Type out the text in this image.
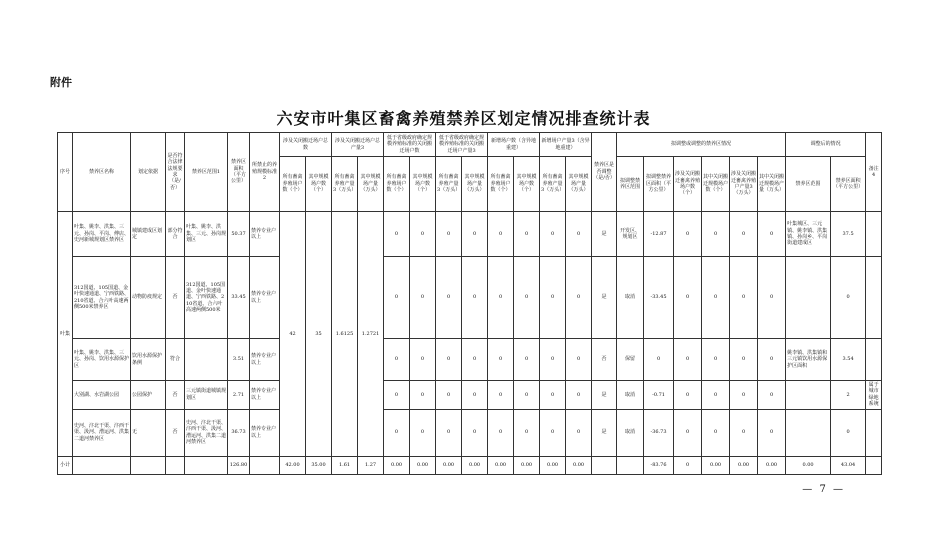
附件
六安市叶集区畜禽养殖禁养区划定情况排查统计表
序号	禁养区名称	划定依据	是否符合法律法规要求（是/否）	禁养区范围1	禁养区面积（平方公里）	所禁止的养殖规模标准2	涉及关闭搬迁场户总数		涉及关闭搬迁场户总产量3		低于省级政府确定规模养殖标准的关闭搬迁场户数		低于省级政府确定规模养殖标准的关闭搬迁场户产量3		新增场户数（含异地重建）		新增场户产量3（含异地重建）		禁养区是否调整（是/否）	拟调整或调整的禁养区情况						调整后的情况		备注4
							所有畜禽养殖场户数（个）	其中规模场户数（个）	所有畜禽养殖产量3（万头）	其中规模场产量（万头）	所有畜禽养殖场户数（个）	其中规模场户数（个）	所有畜禽养殖产量3（万头）	其中规模场产量（万头）	所有畜禽养殖场户数（个）	其中规模场户数（个）	所有畜禽养殖产量3（万头）	其中规模场产量（万头）		拟调整禁养区范围	拟调整禁养区面积（平方公里）	涉及关闭搬迁畜禽养殖场户数（个）	其中关闭搬迁规模场户数（个）	涉及关闭搬迁畜禽养殖户产量3（万头）	其中关闭搬迁规模场产量（万头）	禁养区范围	禁养区面积（平方公里）	
叶集	叶集、姚李、洪集、三元、孙岗、平岗、傅店、史河新城规划区禁养区	城镇建成区划定	部分符合	叶集、姚李、洪集、三元、孙岗规划区	50.37	禁养专业户以上	42	35	1.6125	1.2721	0	0	0	0	0	0	0	0	是	开发区、规划区	-12.87	0	0	0	0	叶集城区、三元镇、姚李镇、洪集镇、孙岗乡、平岗街道建成区	37.5	
	312国道、105国道、金叶快速通道、宁西铁路、210省道、合六叶高速两侧500米禁养区	动物防疫规定	否	312国道、105国道、金叶快速通道、宁西铁路、210省道、合六叶高速两侧500米	33.45	禁养专业户以上					0	0	0	0	0	0	0	0	是	取消	-33.45	0	0	0	0		0	
	叶集、姚李、洪集、三元、孙岗、饮用水源保护区	饮用水源保护条例	符合		3.51	禁养专业户以上					0	0	0	0	0	0	0	0	否	保留	0	0	0	0	0	姚李镇、洪集镇和三元镇饮用水源保护区面积	3.54	
	大别湖、水岩湖公园	公园保护	否	三元镇街道城镇规划区	2.71	禁养专业户以上					0	0	0	0	0	0	0	0	是	取消	-0.71	0	0	0	0		2	属于城市绿地系统
	史河、汴北干渠、汴西干渠、汲河、漕运河、洪集二道河禁养区	无	否	史河、汴北干渠、汴西干渠、汲河、漕运河、洪集二道河禁养区	36.73	禁养专业户以上					0	0	0	0	0	0	0	0	是	取消	-36.73	0	0	0	0		0	
小计					126.80		42.00	35.00	1.61	1.27	0.00	0.00	0.00	0.00	0.00	0.00	0.00	0.00			-83.76	0	0.00	0.00	0.00	0.00	43.04	
— 7 —
